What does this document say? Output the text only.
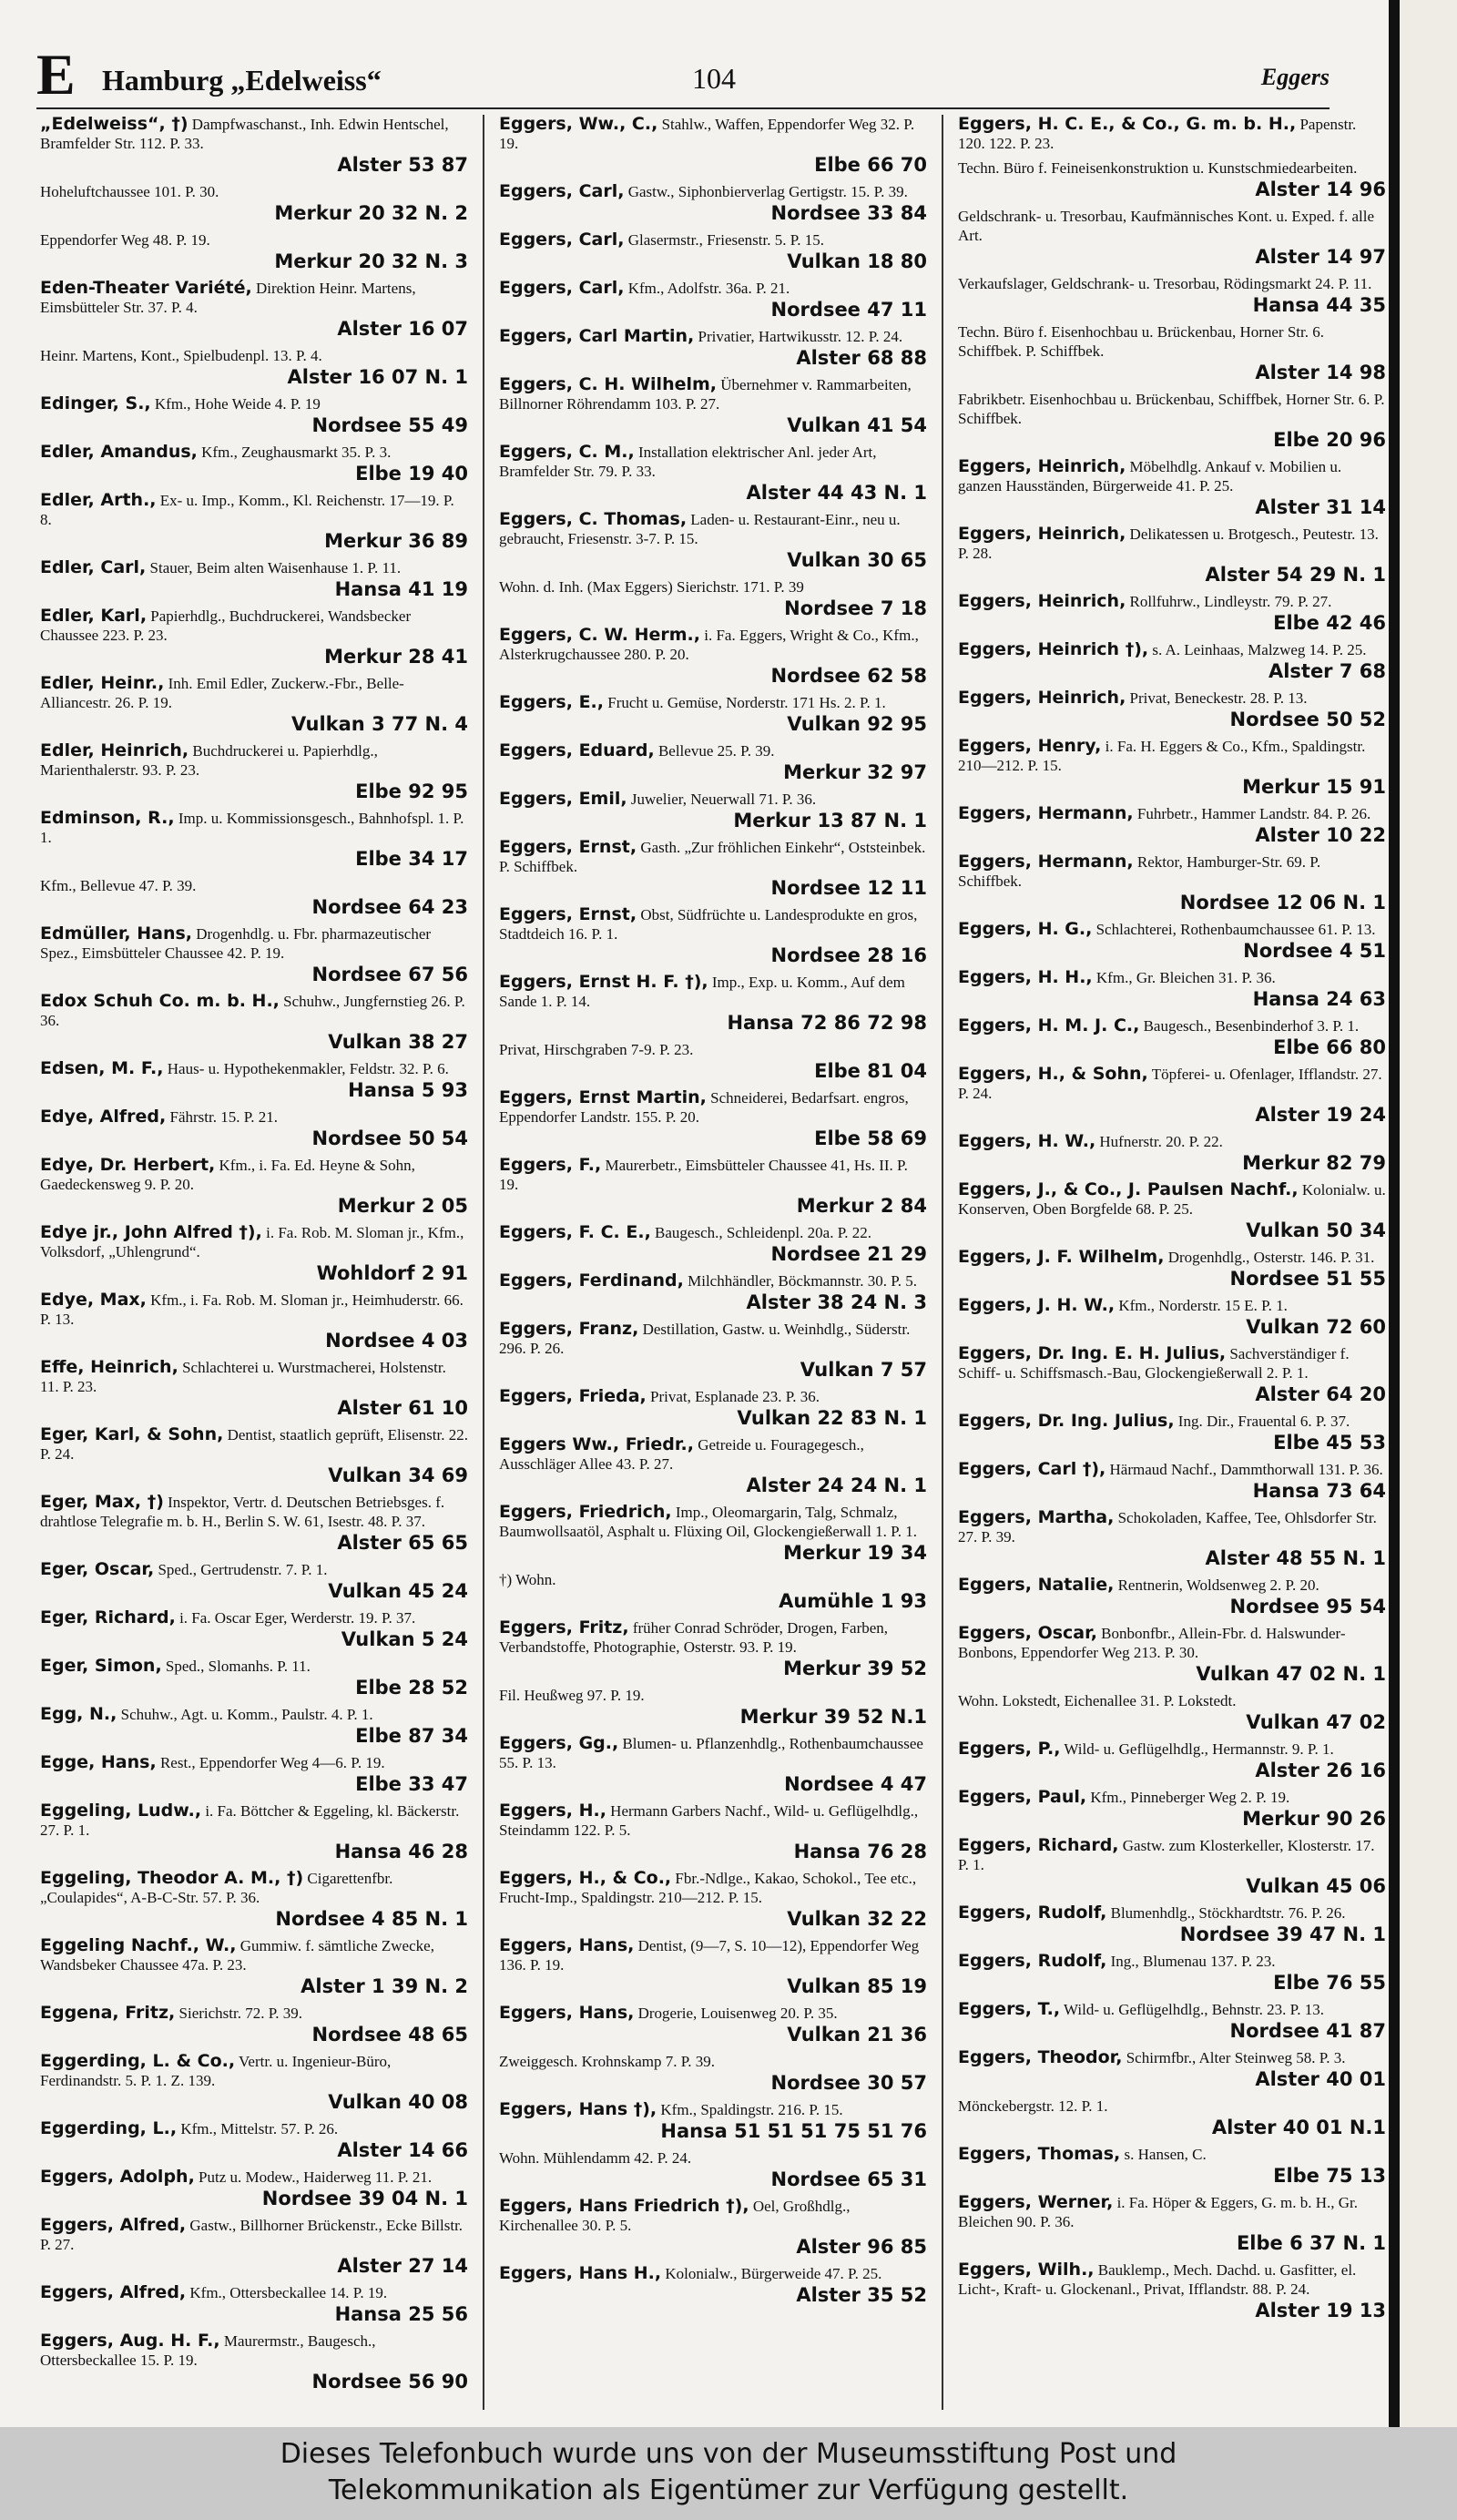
E Hamburg „Edelweiss“	104	Eggers
„Edelweiss“, †) Dampfwaschanst., Inh. Edwin Hentschel, Bramfelder Str. 112. P. 33.
Alster 53 87
Hoheluftchaussee 101. P. 30.
Merkur 20 32 N. 2
Eppendorfer Weg 48. P. 19.
Merkur 20 32 N. 3
Eden-Theater Variété, Direktion Heinr. Martens, Eimsbütteler Str. 37. P. 4.
Alster 16 07
Heinr. Martens, Kont., Spielbudenpl. 13. P. 4.
Alster 16 07 N. 1
Edinger, S., Kfm., Hohe Weide 4. P. 19
Nordsee 55 49
Edler, Amandus, Kfm., Zeughausmarkt 35. P. 3.
Elbe 19 40
Edler, Arth., Ex- u. Imp., Komm., Kl. Reichenstr. 17—19. P. 8.
Merkur 36 89
Edler, Carl, Stauer, Beim alten Waisenhause 1. P. 11.
Hansa 41 19
Edler, Karl, Papierhdlg., Buchdruckerei, Wandsbecker Chaussee 223. P. 23.
Merkur 28 41
Edler, Heinr., Inh. Emil Edler, Zuckerw.-Fbr., Belle-Alliancestr. 26. P. 19.
Vulkan 3 77 N. 4
Edler, Heinrich, Buchdruckerei u. Papierhdlg., Marienthalerstr. 93. P. 23.
Elbe 92 95
Edminson, R., Imp. u. Kommissionsgesch., Bahnhofspl. 1. P. 1.
Elbe 34 17
Kfm., Bellevue 47. P. 39.
Nordsee 64 23
Edmüller, Hans, Drogenhdlg. u. Fbr. pharmazeutischer Spez., Eimsbütteler Chaussee 42. P. 19.
Nordsee 67 56
Edox Schuh Co. m. b. H., Schuhw., Jungfernstieg 26. P. 36.
Vulkan 38 27
Edsen, M. F., Haus- u. Hypothekenmakler, Feldstr. 32. P. 6.
Hansa 5 93
Edye, Alfred, Fährstr. 15. P. 21.
Nordsee 50 54
Edye, Dr. Herbert, Kfm., i. Fa. Ed. Heyne & Sohn, Gaedeckensweg 9. P. 20.
Merkur 2 05
Edye jr., John Alfred †), i. Fa. Rob. M. Sloman jr., Kfm., Volksdorf, „Uhlengrund“.
Wohldorf 2 91
Edye, Max, Kfm., i. Fa. Rob. M. Sloman jr., Heimhuderstr. 66. P. 13.
Nordsee 4 03
Effe, Heinrich, Schlachterei u. Wurstmacherei, Holstenstr. 11. P. 23.
Alster 61 10
Eger, Karl, & Sohn, Dentist, staatlich geprüft, Elisenstr. 22. P. 24.
Vulkan 34 69
Eger, Max, †) Inspektor, Vertr. d. Deutschen Betriebsges. f. drahtlose Telegrafie m. b. H., Berlin S. W. 61, Isestr. 48. P. 37.
Alster 65 65
Eger, Oscar, Sped., Gertrudenstr. 7. P. 1.
Vulkan 45 24
Eger, Richard, i. Fa. Oscar Eger, Werderstr. 19. P. 37.
Vulkan 5 24
Eger, Simon, Sped., Slomanhs. P. 11.
Elbe 28 52
Egg, N., Schuhw., Agt. u. Komm., Paulstr. 4. P. 1.
Elbe 87 34
Egge, Hans, Rest., Eppendorfer Weg 4—6. P. 19.
Elbe 33 47
Eggeling, Ludw., i. Fa. Böttcher & Eggeling, kl. Bäckerstr. 27. P. 1.
Hansa 46 28
Eggeling, Theodor A. M., †) Cigarettenfbr. „Coulapides“, A-B-C-Str. 57. P. 36.
Nordsee 4 85 N. 1
Eggeling Nachf., W., Gummiw. f. sämtliche Zwecke, Wandsbeker Chaussee 47a. P. 23.
Alster 1 39 N. 2
Eggena, Fritz, Sierichstr. 72. P. 39.
Nordsee 48 65
Eggerding, L. & Co., Vertr. u. Ingenieur-Büro, Ferdinandstr. 5. P. 1. Z. 139.
Vulkan 40 08
Eggerding, L., Kfm., Mittelstr. 57. P. 26.
Alster 14 66
Eggers, Adolph, Putz u. Modew., Haiderweg 11. P. 21.
Nordsee 39 04 N. 1
Eggers, Alfred, Gastw., Billhorner Brückenstr., Ecke Billstr. P. 27.
Alster 27 14
Eggers, Alfred, Kfm., Ottersbeckallee 14. P. 19.
Hansa 25 56
Eggers, Aug. H. F., Maurermstr., Baugesch., Ottersbeckallee 15. P. 19.
Nordsee 56 90
Eggers, Ww., C., Stahlw., Waffen, Eppendorfer Weg 32. P. 19.
Elbe 66 70
Eggers, Carl, Gastw., Siphonbierverlag Gertigstr. 15. P. 39.
Nordsee 33 84
Eggers, Carl, Glasermstr., Friesenstr. 5. P. 15.
Vulkan 18 80
Eggers, Carl, Kfm., Adolfstr. 36a. P. 21.
Nordsee 47 11
Eggers, Carl Martin, Privatier, Hartwikusstr. 12. P. 24.
Alster 68 88
Eggers, C. H. Wilhelm, Übernehmer v. Rammarbeiten, Billnorner Röhrendamm 103. P. 27.
Vulkan 41 54
Eggers, C. M., Installation elektrischer Anl. jeder Art, Bramfelder Str. 79. P. 33.
Alster 44 43 N. 1
Eggers, C. Thomas, Laden- u. Restaurant-Einr., neu u. gebraucht, Friesenstr. 3-7. P. 15.
Vulkan 30 65
Wohn. d. Inh. (Max Eggers) Sierichstr. 171. P. 39
Nordsee 7 18
Eggers, C. W. Herm., i. Fa. Eggers, Wright & Co., Kfm., Alsterkrugchaussee 280. P. 20.
Nordsee 62 58
Eggers, E., Frucht u. Gemüse, Norderstr. 171 Hs. 2. P. 1.
Vulkan 92 95
Eggers, Eduard, Bellevue 25. P. 39.
Merkur 32 97
Eggers, Emil, Juwelier, Neuerwall 71. P. 36.
Merkur 13 87 N. 1
Eggers, Ernst, Gasth. „Zur fröhlichen Einkehr“, Oststeinbek. P. Schiffbek.
Nordsee 12 11
Eggers, Ernst, Obst, Südfrüchte u. Landesprodukte en gros, Stadtdeich 16. P. 1.
Nordsee 28 16
Eggers, Ernst H. F. †), Imp., Exp. u. Komm., Auf dem Sande 1. P. 14.
Hansa 72 86 72 98
Privat, Hirschgraben 7-9. P. 23.
Elbe 81 04
Eggers, Ernst Martin, Schneiderei, Bedarfsart. engros, Eppendorfer Landstr. 155. P. 20.
Elbe 58 69
Eggers, F., Maurerbetr., Eimsbütteler Chaussee 41, Hs. II. P. 19.
Merkur 2 84
Eggers, F. C. E., Baugesch., Schleidenpl. 20a. P. 22.
Nordsee 21 29
Eggers, Ferdinand, Milchhändler, Böckmannstr. 30. P. 5.
Alster 38 24 N. 3
Eggers, Franz, Destillation, Gastw. u. Weinhdlg., Süderstr. 296. P. 26.
Vulkan 7 57
Eggers, Frieda, Privat, Esplanade 23. P. 36.
Vulkan 22 83 N. 1
Eggers Ww., Friedr., Getreide u. Fouragegesch., Ausschläger Allee 43. P. 27.
Alster 24 24 N. 1
Eggers, Friedrich, Imp., Oleomargarin, Talg, Schmalz, Baumwollsaatöl, Asphalt u. Flüxing Oil, Glockengießerwall 1. P. 1.
Merkur 19 34
†) Wohn.
Aumühle 1 93
Eggers, Fritz, früher Conrad Schröder, Drogen, Farben, Verbandstoffe, Photographie, Osterstr. 93. P. 19.
Merkur 39 52
Fil. Heußweg 97. P. 19.
Merkur 39 52 N.1
Eggers, Gg., Blumen- u. Pflanzenhdlg., Rothenbaumchaussee 55. P. 13.
Nordsee 4 47
Eggers, H., Hermann Garbers Nachf., Wild- u. Geflügelhdlg., Steindamm 122. P. 5.
Hansa 76 28
Eggers, H., & Co., Fbr.-Ndlge., Kakao, Schokol., Tee etc., Frucht-Imp., Spaldingstr. 210—212. P. 15.
Vulkan 32 22
Eggers, Hans, Dentist, (9—7, S. 10—12), Eppendorfer Weg 136. P. 19.
Vulkan 85 19
Eggers, Hans, Drogerie, Louisenweg 20. P. 35.
Vulkan 21 36
Zweiggesch. Krohnskamp 7. P. 39.
Nordsee 30 57
Eggers, Hans †), Kfm., Spaldingstr. 216. P. 15.
Hansa 51 51 51 75 51 76
Wohn. Mühlendamm 42. P. 24.
Nordsee 65 31
Eggers, Hans Friedrich †), Oel, Großhdlg., Kirchenallee 30. P. 5.
Alster 96 85
Eggers, Hans H., Kolonialw., Bürgerweide 47. P. 25.
Alster 35 52
Eggers, H. C. E., & Co., G. m. b. H., Papenstr. 120. 122. P. 23.
Techn. Büro f. Feineisenkonstruktion u. Kunstschmiedearbeiten.
Alster 14 96
Geldschrank- u. Tresorbau, Kaufmännisches Kont. u. Exped. f. alle Art.
Alster 14 97
Verkaufslager, Geldschrank- u. Tresorbau, Rödingsmarkt 24. P. 11.
Hansa 44 35
Techn. Büro f. Eisenhochbau u. Brückenbau, Horner Str. 6. Schiffbek. P. Schiffbek.
Alster 14 98
Fabrikbetr. Eisenhochbau u. Brückenbau, Schiffbek, Horner Str. 6. P. Schiffbek.
Elbe 20 96
Eggers, Heinrich, Möbelhdlg. Ankauf v. Mobilien u. ganzen Hausständen, Bürgerweide 41. P. 25.
Alster 31 14
Eggers, Heinrich, Delikatessen u. Brotgesch., Peutestr. 13. P. 28.
Alster 54 29 N. 1
Eggers, Heinrich, Rollfuhrw., Lindleystr. 79. P. 27.
Elbe 42 46
Eggers, Heinrich †), s. A. Leinhaas, Malzweg 14. P. 25.
Alster 7 68
Eggers, Heinrich, Privat, Beneckestr. 28. P. 13.
Nordsee 50 52
Eggers, Henry, i. Fa. H. Eggers & Co., Kfm., Spaldingstr. 210—212. P. 15.
Merkur 15 91
Eggers, Hermann, Fuhrbetr., Hammer Landstr. 84. P. 26.
Alster 10 22
Eggers, Hermann, Rektor, Hamburger-Str. 69. P. Schiffbek.
Nordsee 12 06 N. 1
Eggers, H. G., Schlachterei, Rothenbaumchaussee 61. P. 13.
Nordsee 4 51
Eggers, H. H., Kfm., Gr. Bleichen 31. P. 36.
Hansa 24 63
Eggers, H. M. J. C., Baugesch., Besenbinderhof 3. P. 1.
Elbe 66 80
Eggers, H., & Sohn, Töpferei- u. Ofenlager, Ifflandstr. 27. P. 24.
Alster 19 24
Eggers, H. W., Hufnerstr. 20. P. 22.
Merkur 82 79
Eggers, J., & Co., J. Paulsen Nachf., Kolonialw. u. Konserven, Oben Borgfelde 68. P. 25.
Vulkan 50 34
Eggers, J. F. Wilhelm, Drogenhdlg., Osterstr. 146. P. 31.
Nordsee 51 55
Eggers, J. H. W., Kfm., Norderstr. 15 E. P. 1.
Vulkan 72 60
Eggers, Dr. Ing. E. H. Julius, Sachverständiger f. Schiff- u. Schiffsmasch.-Bau, Glockengießerwall 2. P. 1.
Alster 64 20
Eggers, Dr. Ing. Julius, Ing. Dir., Frauental 6. P. 37.
Elbe 45 53
Eggers, Carl †), Härmaud Nachf., Dammthorwall 131. P. 36.
Hansa 73 64
Eggers, Martha, Schokoladen, Kaffee, Tee, Ohlsdorfer Str. 27. P. 39.
Alster 48 55 N. 1
Eggers, Natalie, Rentnerin, Woldsenweg 2. P. 20.
Nordsee 95 54
Eggers, Oscar, Bonbonfbr., Allein-Fbr. d. Halswunder-Bonbons, Eppendorfer Weg 213. P. 30.
Vulkan 47 02 N. 1
Wohn. Lokstedt, Eichenallee 31. P. Lokstedt.
Vulkan 47 02
Eggers, P., Wild- u. Geflügelhdlg., Hermannstr. 9. P. 1.
Alster 26 16
Eggers, Paul, Kfm., Pinneberger Weg 2. P. 19.
Merkur 90 26
Eggers, Richard, Gastw. zum Klosterkeller, Klosterstr. 17. P. 1.
Vulkan 45 06
Eggers, Rudolf, Blumenhdlg., Stöckhardtstr. 76. P. 26.
Nordsee 39 47 N. 1
Eggers, Rudolf, Ing., Blumenau 137. P. 23.
Elbe 76 55
Eggers, T., Wild- u. Geflügelhdlg., Behnstr. 23. P. 13.
Nordsee 41 87
Eggers, Theodor, Schirmfbr., Alter Steinweg 58. P. 3.
Alster 40 01
Mönckebergstr. 12. P. 1.
Alster 40 01 N.1
Eggers, Thomas, s. Hansen, C.
Elbe 75 13
Eggers, Werner, i. Fa. Höper & Eggers, G. m. b. H., Gr. Bleichen 90. P. 36.
Elbe 6 37 N. 1
Eggers, Wilh., Bauklemp., Mech. Dachd. u. Gasfitter, el. Licht-, Kraft- u. Glockenanl., Privat, Ifflandstr. 88. P. 24.
Alster 19 13
Dieses Telefonbuch wurde uns von der Museumsstiftung Post und
Telekommunikation als Eigentümer zur Verfügung gestellt.
